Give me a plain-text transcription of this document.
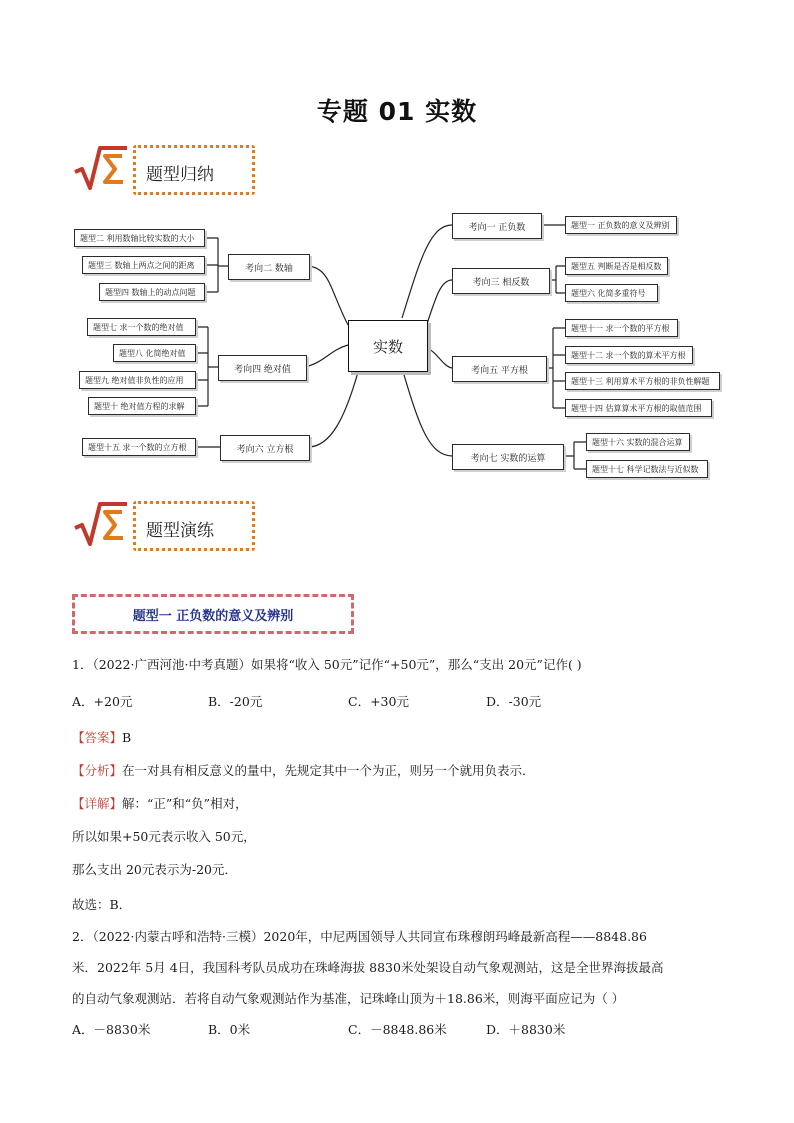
专题 01 实数
题型归纳
实数
考向二 数轴
考向四 绝对值
考向六 立方根
题型二 利用数轴比较实数的大小
题型三 数轴上两点之间的距离
题型四 数轴上的动点问题
题型七 求一个数的绝对值
题型八 化简绝对值
题型九 绝对值非负性的应用
题型十 绝对值方程的求解
题型十五 求一个数的立方根
考向一 正负数
考向三 相反数
考向五 平方根
考向七 实数的运算
题型一 正负数的意义及辨别
题型五 判断是否是相反数
题型六 化简多重符号
题型十一 求一个数的平方根
题型十二 求一个数的算术平方根
题型十三 利用算术平方根的非负性解题
题型十四 估算算术平方根的取值范围
题型十六 实数的混合运算
题型十七 科学记数法与近似数
题型演练
题型一 正负数的意义及辨别
1．（2022·广西河池·中考真题）如果将“收入 50元”记作“+50元”，那么“支出 20元”记作( )
A．+20元	B．-20元	C．+30元	D．-30元
【答案】B
【分析】在一对具有相反意义的量中，先规定其中一个为正，则另一个就用负表示．
【详解】解：“正”和“负”相对，
所以如果+50元表示收入 50元，
那么支出 20元表示为-20元．
故选：B．
2．（2022·内蒙古呼和浩特·三模）2020年，中尼两国领导人共同宣布珠穆朗玛峰最新高程——8848.86
米．2022年 5月 4日，我国科考队员成功在珠峰海拔 8830米处架设自动气象观测站，这是全世界海拔最高
的自动气象观测站．若将自动气象观测站作为基准，记珠峰山顶为＋18.86米，则海平面应记为（ ）
A．－8830米	B．0米	C．－8848.86米	D．＋8830米
